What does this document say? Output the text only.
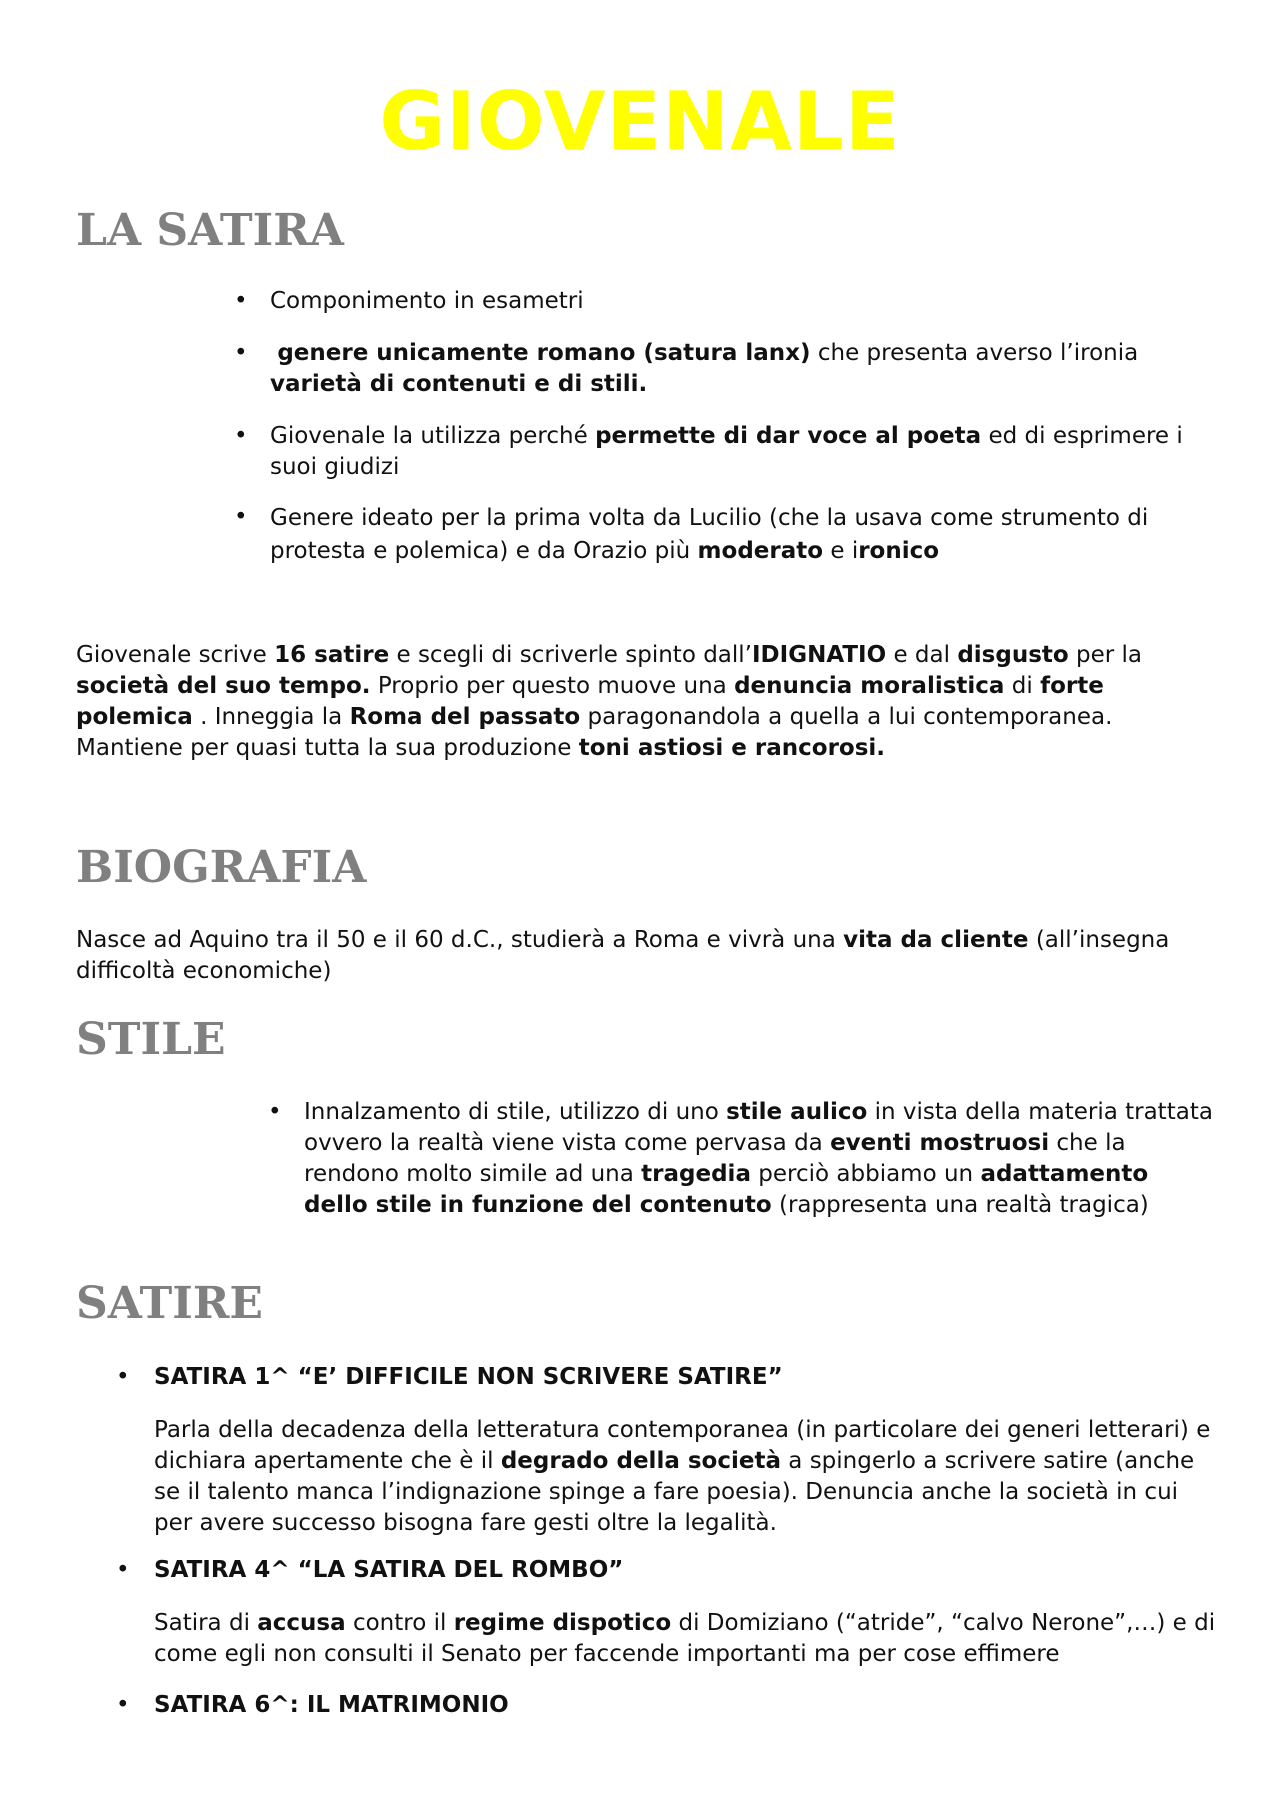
GIOVENALE
LA SATIRA
• Componimento in esametri
•	genere unicamente romano (satura lanx) che presenta averso l’ironia varietà di contenuti e di stili.
• Giovenale la utilizza perché permette di dar voce al poeta ed di esprimere i suoi giudizi
• Genere ideato per la prima volta da Lucilio (che la usava come strumento di protesta e polemica) e da Orazio più moderato e ironico
Giovenale scrive 16 satire e scegli di scriverle spinto dall’IDIGNATIO e dal disgusto per la società del suo tempo. Proprio per questo muove una denuncia moralistica di forte polemica . Inneggia la Roma del passato paragonandola a quella a lui contemporanea. Mantiene per quasi tutta la sua produzione toni astiosi e rancorosi.
BIOGRAFIA
Nasce ad Aquino tra il 50 e il 60 d.C., studierà a Roma e vivrà una vita da cliente (all’insegna difficoltà economiche)
STILE
• Innalzamento di stile, utilizzo di uno stile aulico in vista della materia trattata ovvero la realtà viene vista come pervasa da eventi mostruosi che la rendono molto simile ad una tragedia perciò abbiamo un adattamento dello stile in funzione del contenuto (rappresenta una realtà tragica)
SATIRE
• SATIRA 1^ “E’ DIFFICILE NON SCRIVERE SATIRE”
Parla della decadenza della letteratura contemporanea (in particolare dei generi letterari) e dichiara apertamente che è il degrado della società a spingerlo a scrivere satire (anche se il talento manca l’indignazione spinge a fare poesia). Denuncia anche la società in cui per avere successo bisogna fare gesti oltre la legalità.
• SATIRA 4^ “LA SATIRA DEL ROMBO”
Satira di accusa contro il regime dispotico di Domiziano (“atride”, “calvo Nerone”,…) e di come egli non consulti il Senato per faccende importanti ma per cose effimere
• SATIRA 6^: IL MATRIMONIO
